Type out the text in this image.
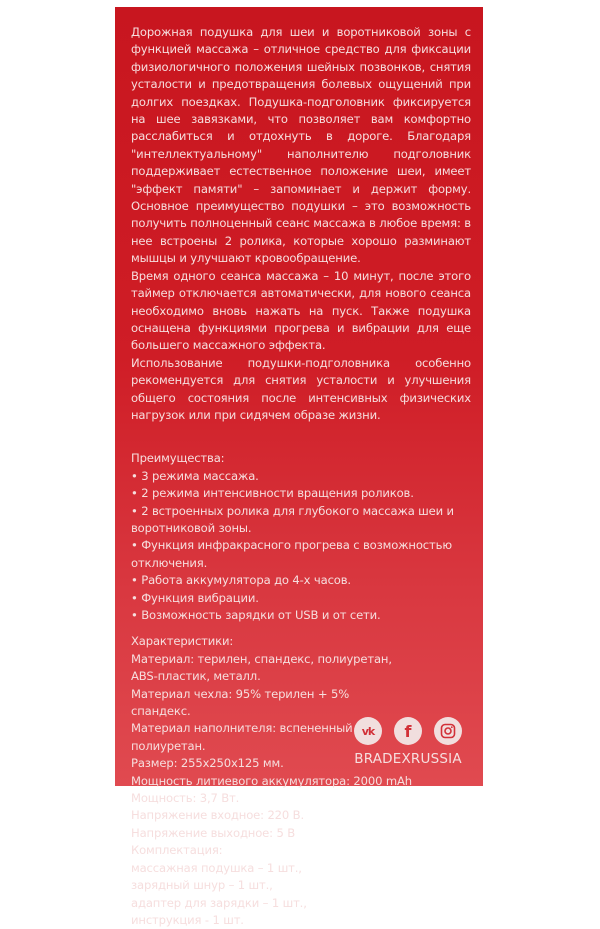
Дорожная подушка для шеи и воротниковой зоны с функцией массажа – отличное средство для фиксации физиологичного положения шейных позвонков, снятия усталости и предотвращения болевых ощущений при долгих поездках. Подушка-подголовник фиксируется на шее завязками, что позволяет вам комфортно расслабиться и отдохнуть в дороге. Благодаря "интеллектуальному" наполнителю подголовник поддерживает естественное положение шеи, имеет "эффект памяти" – запоминает и держит форму. Основное преимущество подушки – это возможность получить полноценный сеанс массажа в любое время: в нее встроены 2 ролика, которые хорошо разминают мышцы и улучшают кровообращение.

Время одного сеанса массажа – 10 минут, после этого таймер отключается автоматически, для нового сеанса необходимо вновь нажать на пуск. Также подушка оснащена функциями прогрева и вибрации для еще большего массажного эффекта.

Использование подушки-подголовника особенно рекомендуется для снятия усталости и улучшения общего состояния после интенсивных физических нагрузок или при сидячем образе жизни.

Преимущества:

• 3 режима массажа.
• 2 режима интенсивности вращения роликов.
• 2 встроенных ролика для глубокого массажа шеи и воротниковой зоны.
• Функция инфракрасного прогрева с возможностью отключения.
• Работа аккумулятора до 4-х часов.
• Функция вибрации.
• Возможность зарядки от USB и от сети.

Характеристики:

Материал: терилен, спандекс, полиуретан, ABS-пластик, металл.
Материал чехла: 95% терилен + 5% спандекс.
Материал наполнителя: вспененный полиуретан.
Размер: 255х250х125 мм.
Мощность литиевого аккумулятора: 2000 mAh
Мощность: 3,7 Вт.
Напряжение входное: 220 В.
Напряжение выходное: 5 В

Комплектация:

массажная подушка – 1 шт.,
зарядный шнур – 1 шт.,
адаптер для зарядки – 1 шт.,
инструкция - 1 шт.
vk f
BRADEXRUSSIA
